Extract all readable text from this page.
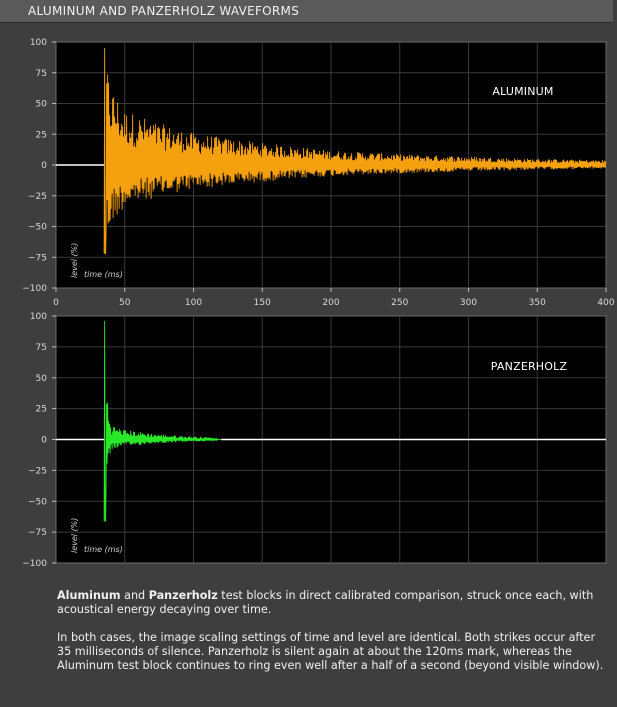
ALUMINUM AND PANZERHOLZ WAVEFORMS
100
75
50
25
0
−25
−50
−75
−100
0	50	100	150	200	250	300	350	400
ALUMINUM
level (%) time (ms)
100
75
50
25
0
−25
−50
−75
−100
PANZERHOLZ
level (%) time (ms)

Aluminum and Panzerholz test blocks in direct calibrated comparison, struck once each, with acoustical energy decaying over time.

In both cases, the image scaling settings of time and level are identical. Both strikes occur after 35 milliseconds of silence. Panzerholz is silent again at about the 120ms mark, whereas the Aluminum test block continues to ring even well after a half of a second (beyond visible window).
